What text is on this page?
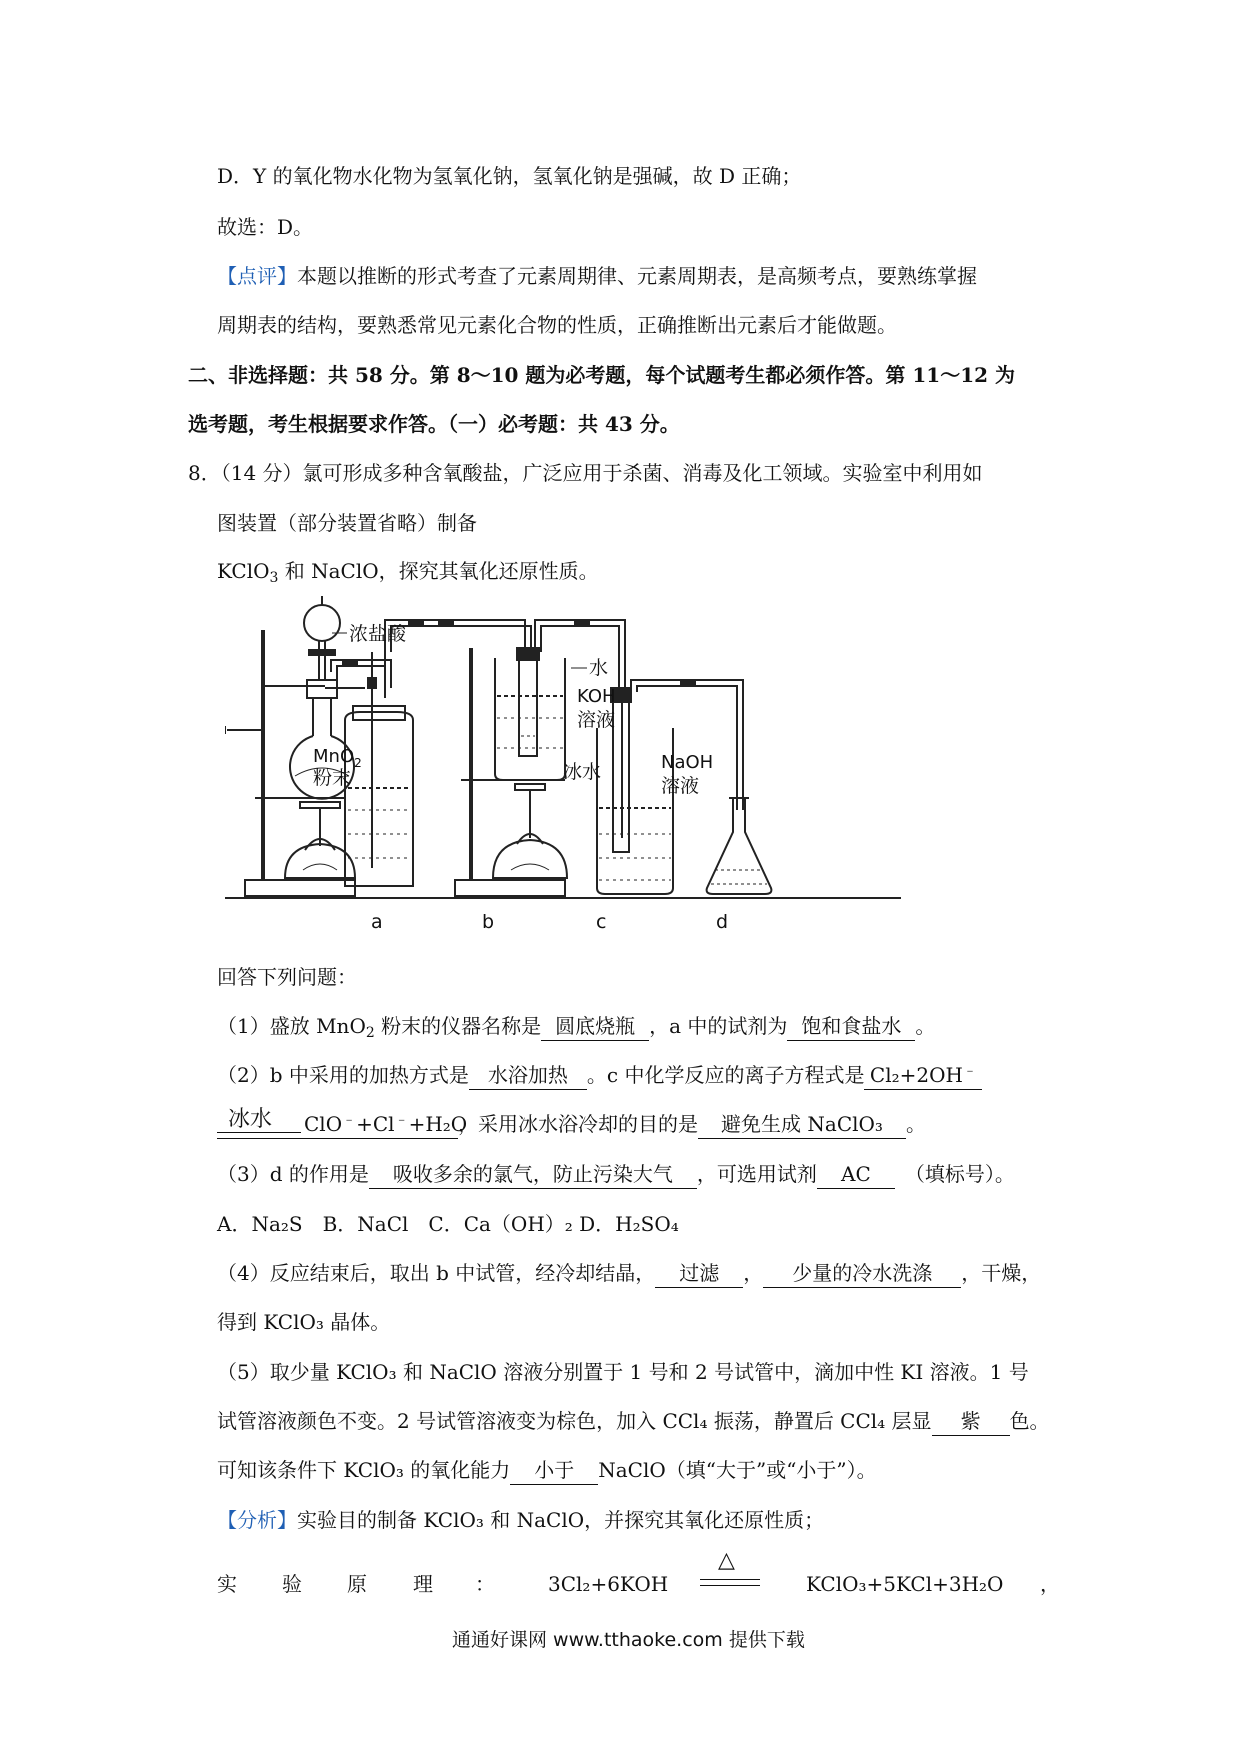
D．Y 的氧化物水化物为氢氧化钠，氢氧化钠是强碱，故 D 正确；
故选：D。
【点评】本题以推断的形式考查了元素周期律、元素周期表，是高频考点，要熟练掌握
周期表的结构，要熟悉常见元素化合物的性质，正确推断出元素后才能做题。
二、非选择题：共 58 分。第 8～10 题为必考题，每个试题考生都必须作答。第 11～12 为
选考题，考生根据要求作答。（一）必考题：共 43 分。
8．（14 分）氯可形成多种含氧酸盐，广泛应用于杀菌、消毒及化工领域。实验室中利用如
图装置（部分装置省略）制备
KClO$_3$ 和 NaClO，探究其氧化还原性质。
浓盐酸
MnO$_2$
粉末
水
KOH
溶液
冰水	NaOH
溶液
a	b	c	d
回答下列问题：
（1）盛放 MnO$_2$ 粉末的仪器名称是 圆底烧瓶 ，a 中的试剂为 饱和食盐水 。
（2）b 中采用的加热方式是 水浴加热 。c 中化学反应的离子方程式是 Cl₂+2OH﹣
冰水 ClO﹣+Cl﹣+H₂O，采用冰水浴冷却的目的是 避免生成 NaClO₃ 。
（3）d 的作用是 吸收多余的氯气，防止污染大气 ，可选用试剂 AC （填标号）。
A．Na₂S　B．NaCl　C．Ca（OH）₂ D．H₂SO₄
（4）反应结束后，取出 b 中试管，经冷却结晶， 过滤 ， 少量的冷水洗涤 ，干燥，
得到 KClO₃ 晶体。
（5）取少量 KClO₃ 和 NaClO 溶液分别置于 1 号和 2 号试管中，滴加中性 KI 溶液。1 号
试管溶液颜色不变。2 号试管溶液变为棕色，加入 CCl₄ 振荡，静置后 CCl₄ 层显 紫 色。
可知该条件下 KClO₃ 的氧化能力 小于 NaClO（填“大于”或“小于”）。
【分析】实验目的制备 KClO₃ 和 NaClO，并探究其氧化还原性质；
实 验 原 理 ：	3Cl₂+6KOH
△
KClO₃+5KCl+3H₂O ，
通通好课网 www.tthaoke.com 提供下载
